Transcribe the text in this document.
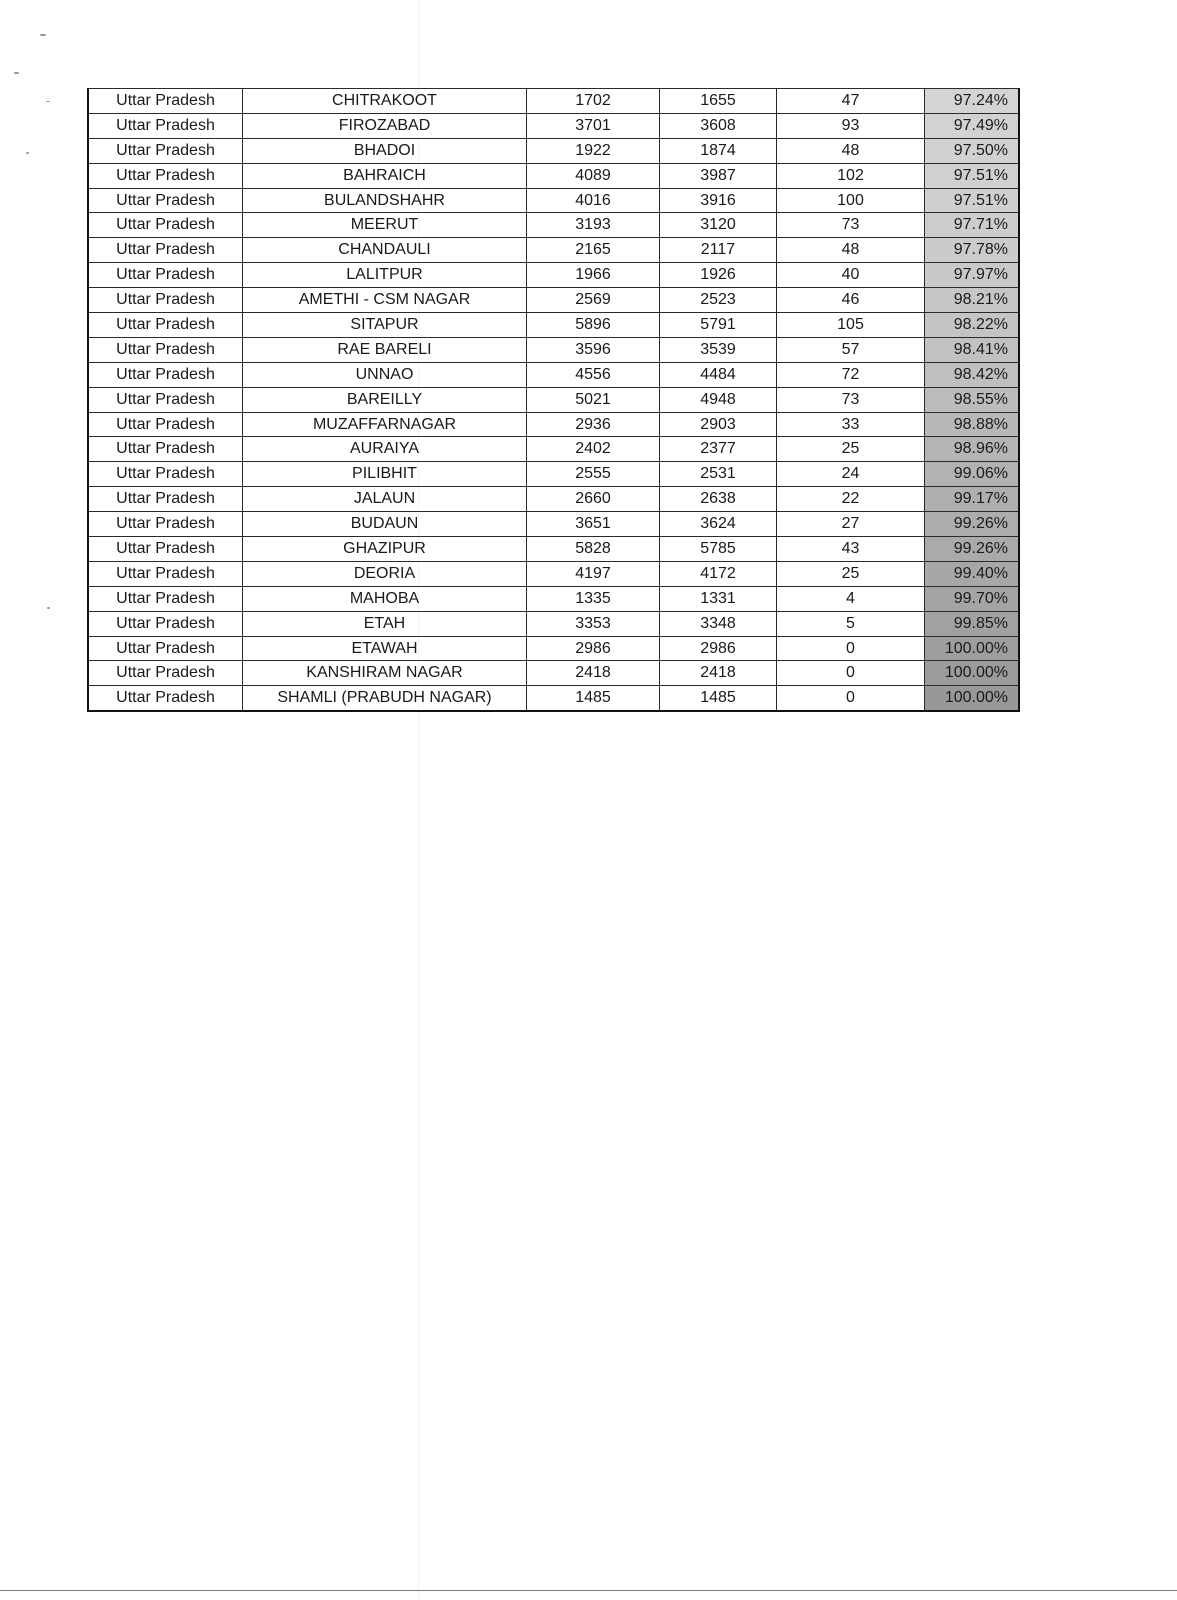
Uttar Pradesh	CHITRAKOOT	1702	1655	47	97.24%
Uttar Pradesh	FIROZABAD	3701	3608	93	97.49%
Uttar Pradesh	BHADOI	1922	1874	48	97.50%
Uttar Pradesh	BAHRAICH	4089	3987	102	97.51%
Uttar Pradesh	BULANDSHAHR	4016	3916	100	97.51%
Uttar Pradesh	MEERUT	3193	3120	73	97.71%
Uttar Pradesh	CHANDAULI	2165	2117	48	97.78%
Uttar Pradesh	LALITPUR	1966	1926	40	97.97%
Uttar Pradesh	AMETHI - CSM NAGAR	2569	2523	46	98.21%
Uttar Pradesh	SITAPUR	5896	5791	105	98.22%
Uttar Pradesh	RAE BARELI	3596	3539	57	98.41%
Uttar Pradesh	UNNAO	4556	4484	72	98.42%
Uttar Pradesh	BAREILLY	5021	4948	73	98.55%
Uttar Pradesh	MUZAFFARNAGAR	2936	2903	33	98.88%
Uttar Pradesh	AURAIYA	2402	2377	25	98.96%
Uttar Pradesh	PILIBHIT	2555	2531	24	99.06%
Uttar Pradesh	JALAUN	2660	2638	22	99.17%
Uttar Pradesh	BUDAUN	3651	3624	27	99.26%
Uttar Pradesh	GHAZIPUR	5828	5785	43	99.26%
Uttar Pradesh	DEORIA	4197	4172	25	99.40%
Uttar Pradesh	MAHOBA	1335	1331	4	99.70%
Uttar Pradesh	ETAH	3353	3348	5	99.85%
Uttar Pradesh	ETAWAH	2986	2986	0	100.00%
Uttar Pradesh	KANSHIRAM NAGAR	2418	2418	0	100.00%
Uttar Pradesh	SHAMLI (PRABUDH NAGAR)	1485	1485	0	100.00%
